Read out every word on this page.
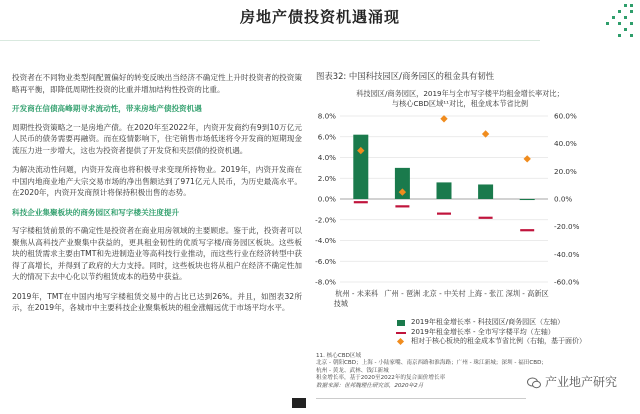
房地产债投资机遇涌现

投资者在不同物业类型间配置偏好的转变反映出当经济不确定性上升时投资者的投资策略再平衡，即降低周期性投资的比重并增加结构性投资的比重。

开发商在信债高峰期寻求流动性，带来房地产债投资机遇

周期性投资策略之一是房地产债。在2020年至2022年，内资开发商约有9到10万亿元人民币的债务需要再融资。而在疫情影响下，住宅销售市场低迷将令开发商的短期现金流压力进一步增大，这也为投资者提供了开发贷和夹层债的投资机遇。

为解决流动性问题，内资开发商也将积极寻求变现所持物业。2019年，内资开发商在中国内地商业地产大宗交易市场的净出售额达到了971亿元人民币，为历史最高水平。在2020年，内资开发商预计将保持积极出售的态势。

科技企业集聚板块的商务园区和写字楼关注度提升

写字楼租赁前景的不确定性是投资者在商业用房领域的主要顾虑。鉴于此，投资者可以聚焦从高科技产业聚集中获益的，更具租金韧性的优质写字楼/商务园区板块。这些板块的租赁需求主要由TMT和先进制造业等高科技行业推动，而这些行业在经济转型中获得了高增长，并得到了政府的大力支持。同时，这些板块也将从租户在经济不确定性加大的情况下去中心化以节约租赁成本的趋势中获益。

2019年，TMT在中国内地写字楼租赁交易中的占比已达到26%。并且，如图表32所示，在2019年，各城市中主要科技企业聚集板块的租金涨幅远优于市场平均水平。

图表32: 中国科技园区/商务园区的租金具有韧性
科技园区/商务园区，2019年与全市写字楼平均租金增长率对比；
与核心CBD区域¹¹对比，租金成本节省比例
-8.0%
-6.0%
-4.0%
-2.0%
0.0%
2.0%
4.0%
6.0%
8.0%
-60.0%
-40.0%
-20.0%
0.0%
20.0%
40.0%
60.0%
杭州 - 未来科技城
广州 - 琶洲 北京 - 中关村 上海 - 张江 深圳 - 高新区
2019年租金增长率 - 科技园区/商务园区（左轴）
2019年租金增长率 - 全市写字楼平均（左轴）
相对于核心板块的租金成本节省比例（右轴，基于面价）
11. 核心CBD区域
北京 - 朝阳CBD；上海 - 小陆家嘴、南京西路和淮海路；广州 - 珠江新城；深圳 - 福田CBD；
杭州 - 黄龙、武林、钱江新城
租金增长率，基于2020至2022年的复合面价增长率
数据来源：世邦魏理仕研究部，2020年2月	产业地产研究
